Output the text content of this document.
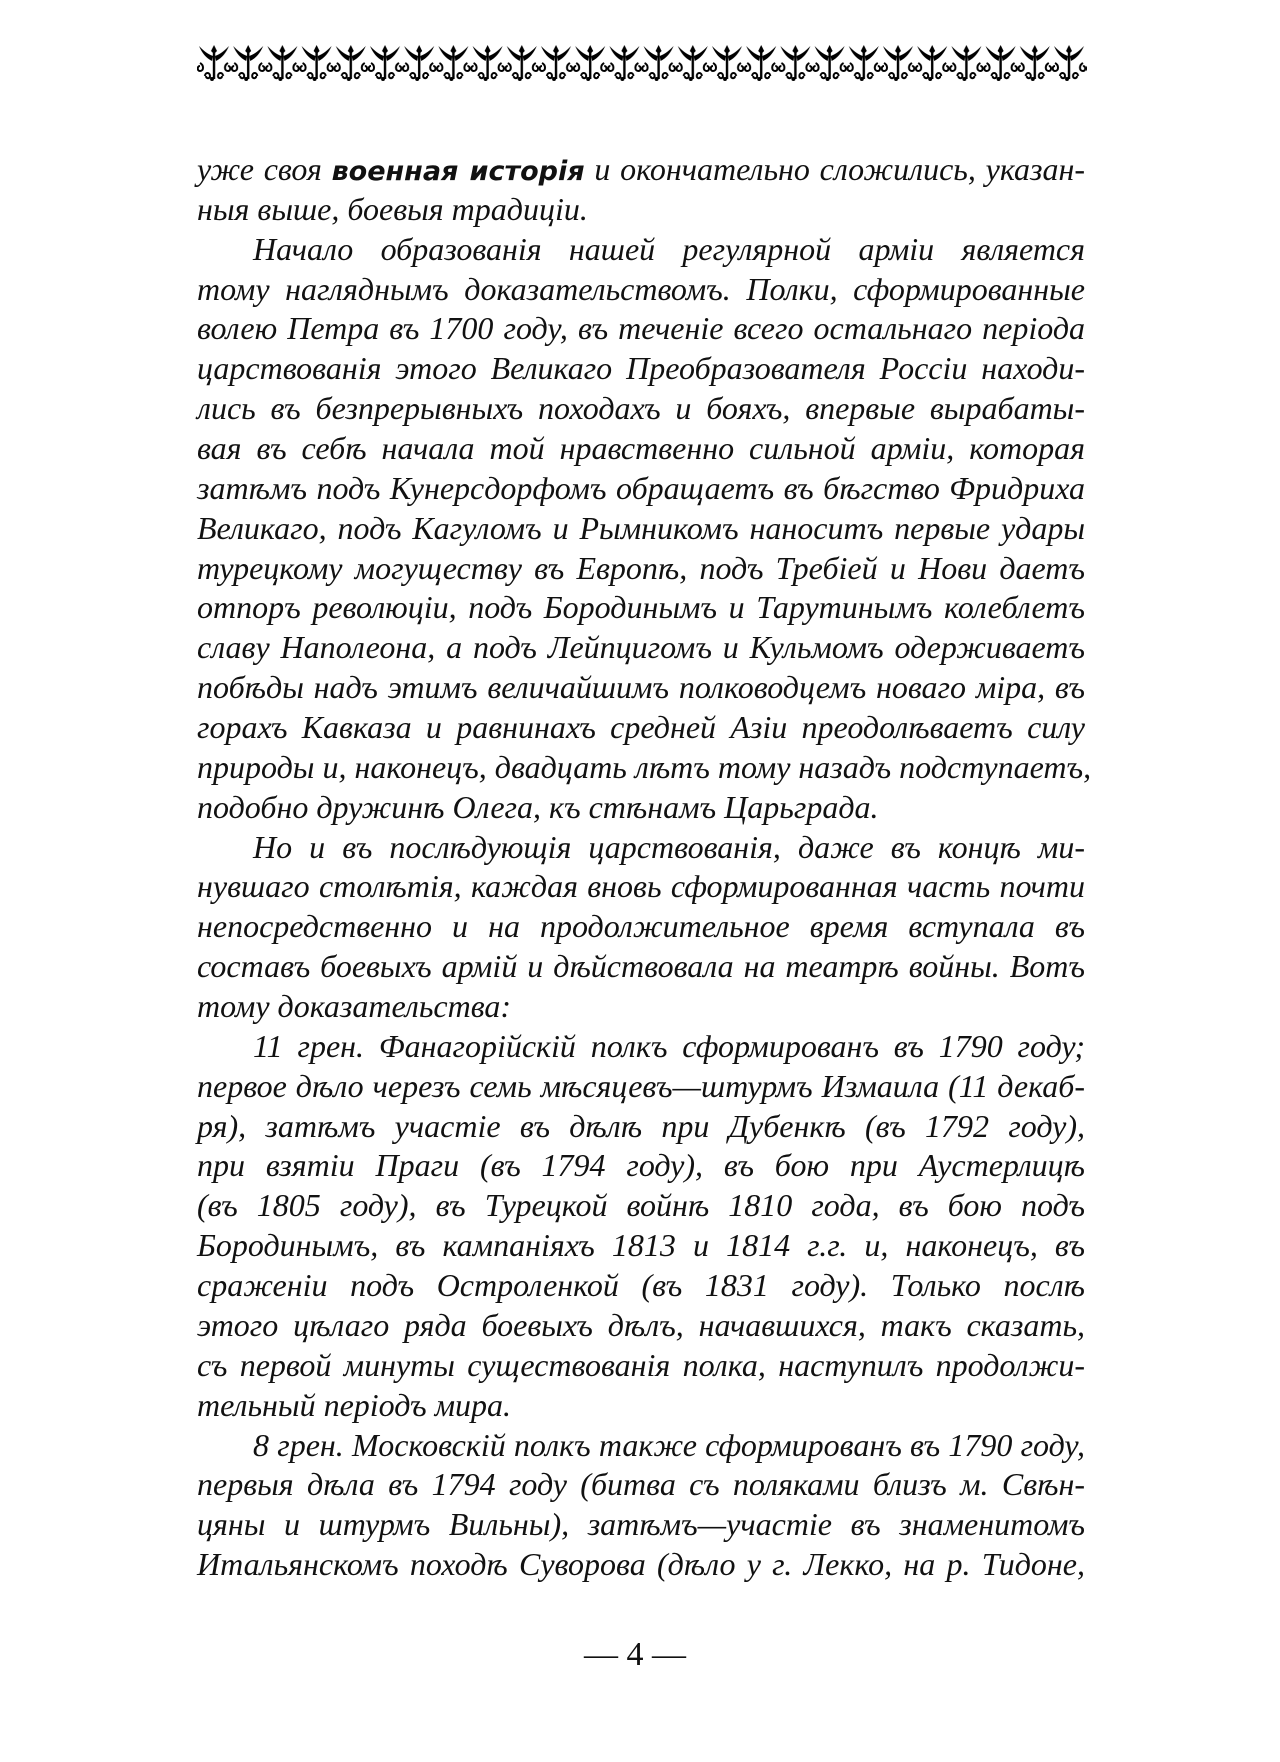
уже своя военная исторiя и окончательно сложились, указан-
ныя выше, боевыя традицiи.
Начало образованiя нашей регулярной армiи является
тому нагляднымъ доказательствомъ. Полки, сформированные
волею Петра въ 1700 году, въ теченiе всего остальнаго перiода
царствованiя этого Великаго Преобразователя Россiи находи-
лись въ безпрерывныхъ походахъ и бояхъ, впервые вырабаты-
вая въ себѣ начала той нравственно сильной армiи, которая
затѣмъ подъ Кунерсдорфомъ обращаетъ въ бѣгство Фридриха
Великаго, подъ Кагуломъ и Рымникомъ наноситъ первые удары
турецкому могуществу въ Европѣ, подъ Требiей и Нови даетъ
отпоръ революцiи, подъ Бородинымъ и Тарутинымъ колеблетъ
славу Наполеона, а подъ Лейпцигомъ и Кульмомъ одерживаетъ
побѣды надъ этимъ величайшимъ полководцемъ новаго мiра, въ
горахъ Кавказа и равнинахъ средней Азiи преодолѣваетъ силу
природы и, наконецъ, двадцать лѣтъ тому назадъ подступаетъ,
подобно дружинѣ Олега, къ стѣнамъ Царьграда.
Но и въ послѣдующiя царствованiя, даже въ концѣ ми-
нувшаго столѣтiя, каждая вновь сформированная часть почти
непосредственно и на продолжительное время вступала въ
составъ боевыхъ армiй и дѣйствовала на театрѣ войны. Вотъ
тому доказательства:
11 грен. Фанагорiйскiй полкъ сформированъ въ 1790 году;
первое дѣло черезъ семь мѣсяцевъ—штурмъ Измаила (11 декаб-
ря), затѣмъ участiе въ дѣлѣ при Дубенкѣ (въ 1792 году),
при взятiи Праги (въ 1794 году), въ бою при Аустерлицѣ
(въ 1805 году), въ Турецкой войнѣ 1810 года, въ бою подъ
Бородинымъ, въ кампанiяхъ 1813 и 1814 г.г. и, наконецъ, въ
сраженiи подъ Остроленкой (въ 1831 году). Только послѣ
этого цѣлаго ряда боевыхъ дѣлъ, начавшихся, такъ сказать,
съ первой минуты существованiя полка, наступилъ продолжи-
тельный перiодъ мира.
8 грен. Московскiй полкъ также сформированъ въ 1790 году,
первыя дѣла въ 1794 году (битва съ поляками близъ м. Свѣн-
цяны и штурмъ Вильны), затѣмъ—участiе въ знаменитомъ
Итальянскомъ походѣ Суворова (дѣло у г. Лекко, на р. Тидоне,
— 4 —
